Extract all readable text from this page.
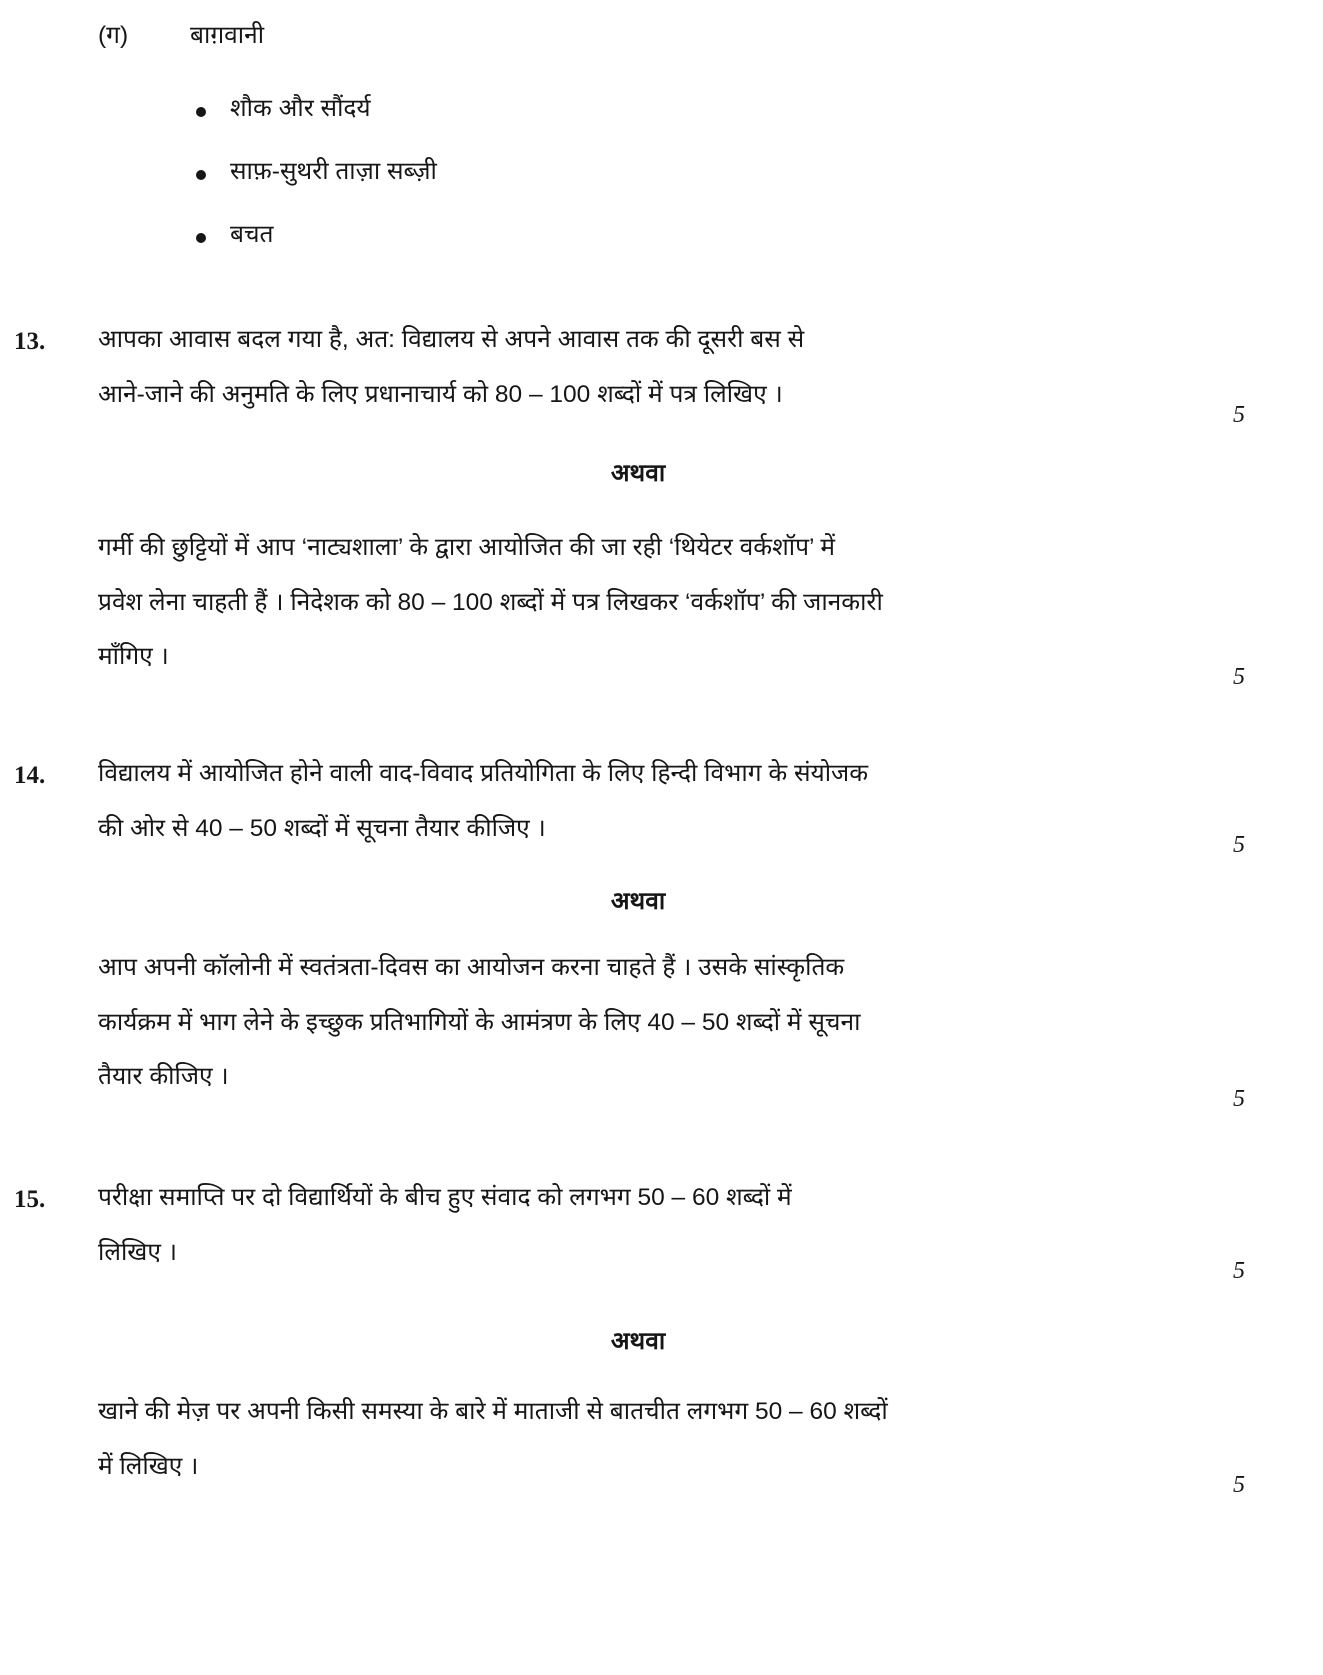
(ग)	बाग़वानी
शौक और सौंदर्य
साफ़-सुथरी ताज़ा सब्ज़ी
बचत
13.	आपका आवास बदल गया है, अत: विद्यालय से अपने आवास तक की दूसरी बस से
आने-जाने की अनुमति के लिए प्रधानाचार्य को 80 – 100 शब्दों में पत्र लिखिए ।
5
अथवा
गर्मी की छुट्टियों में आप ‘नाट्यशाला’ के द्वारा आयोजित की जा रही ‘थियेटर वर्कशॉप’ में
प्रवेश लेना चाहती हैं । निदेशक को 80 – 100 शब्दों में पत्र लिखकर ‘वर्कशॉप’ की जानकारी
माँगिए ।
5
14.	विद्यालय में आयोजित होने वाली वाद-विवाद प्रतियोगिता के लिए हिन्दी विभाग के संयोजक
की ओर से 40 – 50 शब्दों में सूचना तैयार कीजिए ।
5
अथवा
आप अपनी कॉलोनी में स्वतंत्रता-दिवस का आयोजन करना चाहते हैं । उसके सांस्कृतिक
कार्यक्रम में भाग लेने के इच्छुक प्रतिभागियों के आमंत्रण के लिए 40 – 50 शब्दों में सूचना
तैयार कीजिए ।
5
15.	परीक्षा समाप्ति पर दो विद्यार्थियों के बीच हुए संवाद को लगभग 50 – 60 शब्दों में
लिखिए ।
5
अथवा
खाने की मेज़ पर अपनी किसी समस्या के बारे में माताजी से बातचीत लगभग 50 – 60 शब्दों
में लिखिए ।
5
